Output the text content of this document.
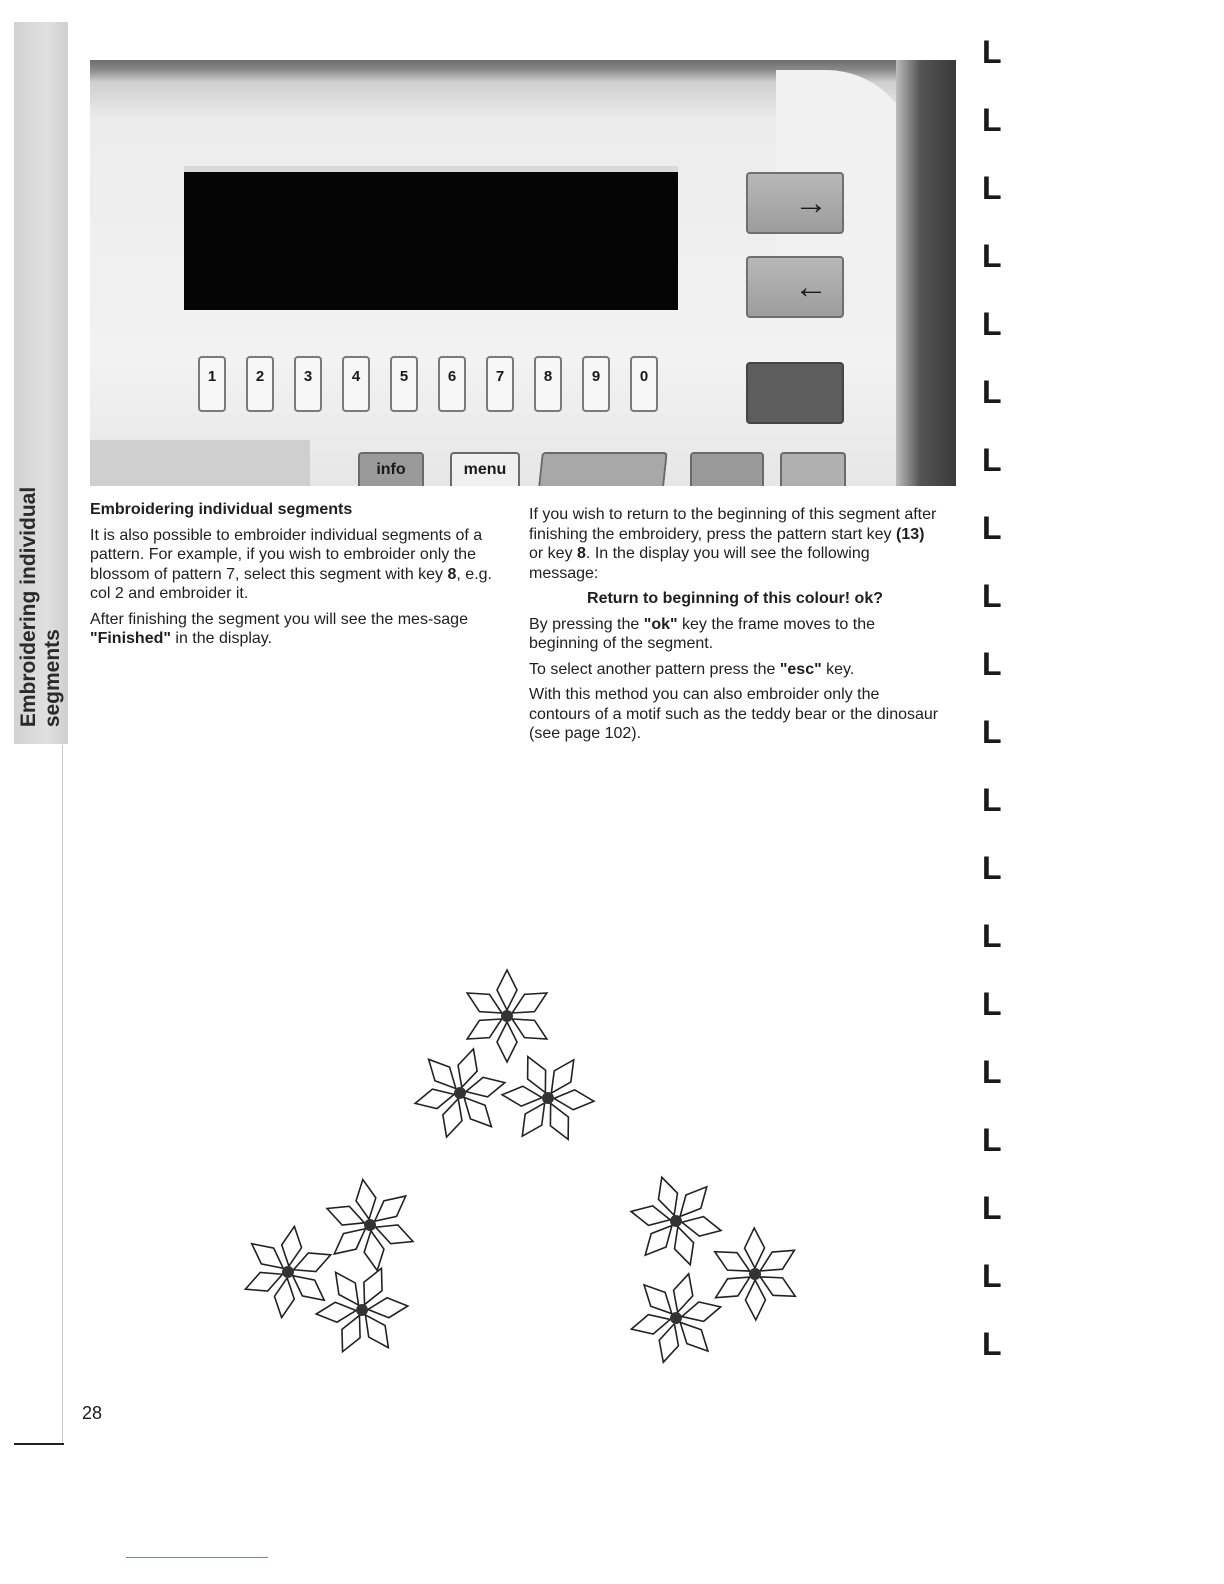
Embroidering individual segments
1	2	3	4	5	6	7	8	9	0
→
←
info	menu
Embroidering individual segments

It is also possible to embroider individual segments of a pattern. For example, if you wish to embroider only the blossom of pattern 7, select this segment with key 8, e.g. col 2 and embroider it.

After finishing the segment you will see the mes-sage "Finished" in the display.

If you wish to return to the beginning of this segment after finishing the embroidery, press the pattern start key (13) or key 8. In the display you will see the following message:

Return to beginning of this colour! ok?

By pressing the "ok" key the frame moves to the beginning of the segment.

To select another pattern press the "esc" key.

With this method you can also embroider only the contours of a motif such as the teddy bear or the dinosaur (see page 102).

L
L
L
L
L
L
L
L
L
L
L
L
L
L
L
L
L
L
L
L
28
